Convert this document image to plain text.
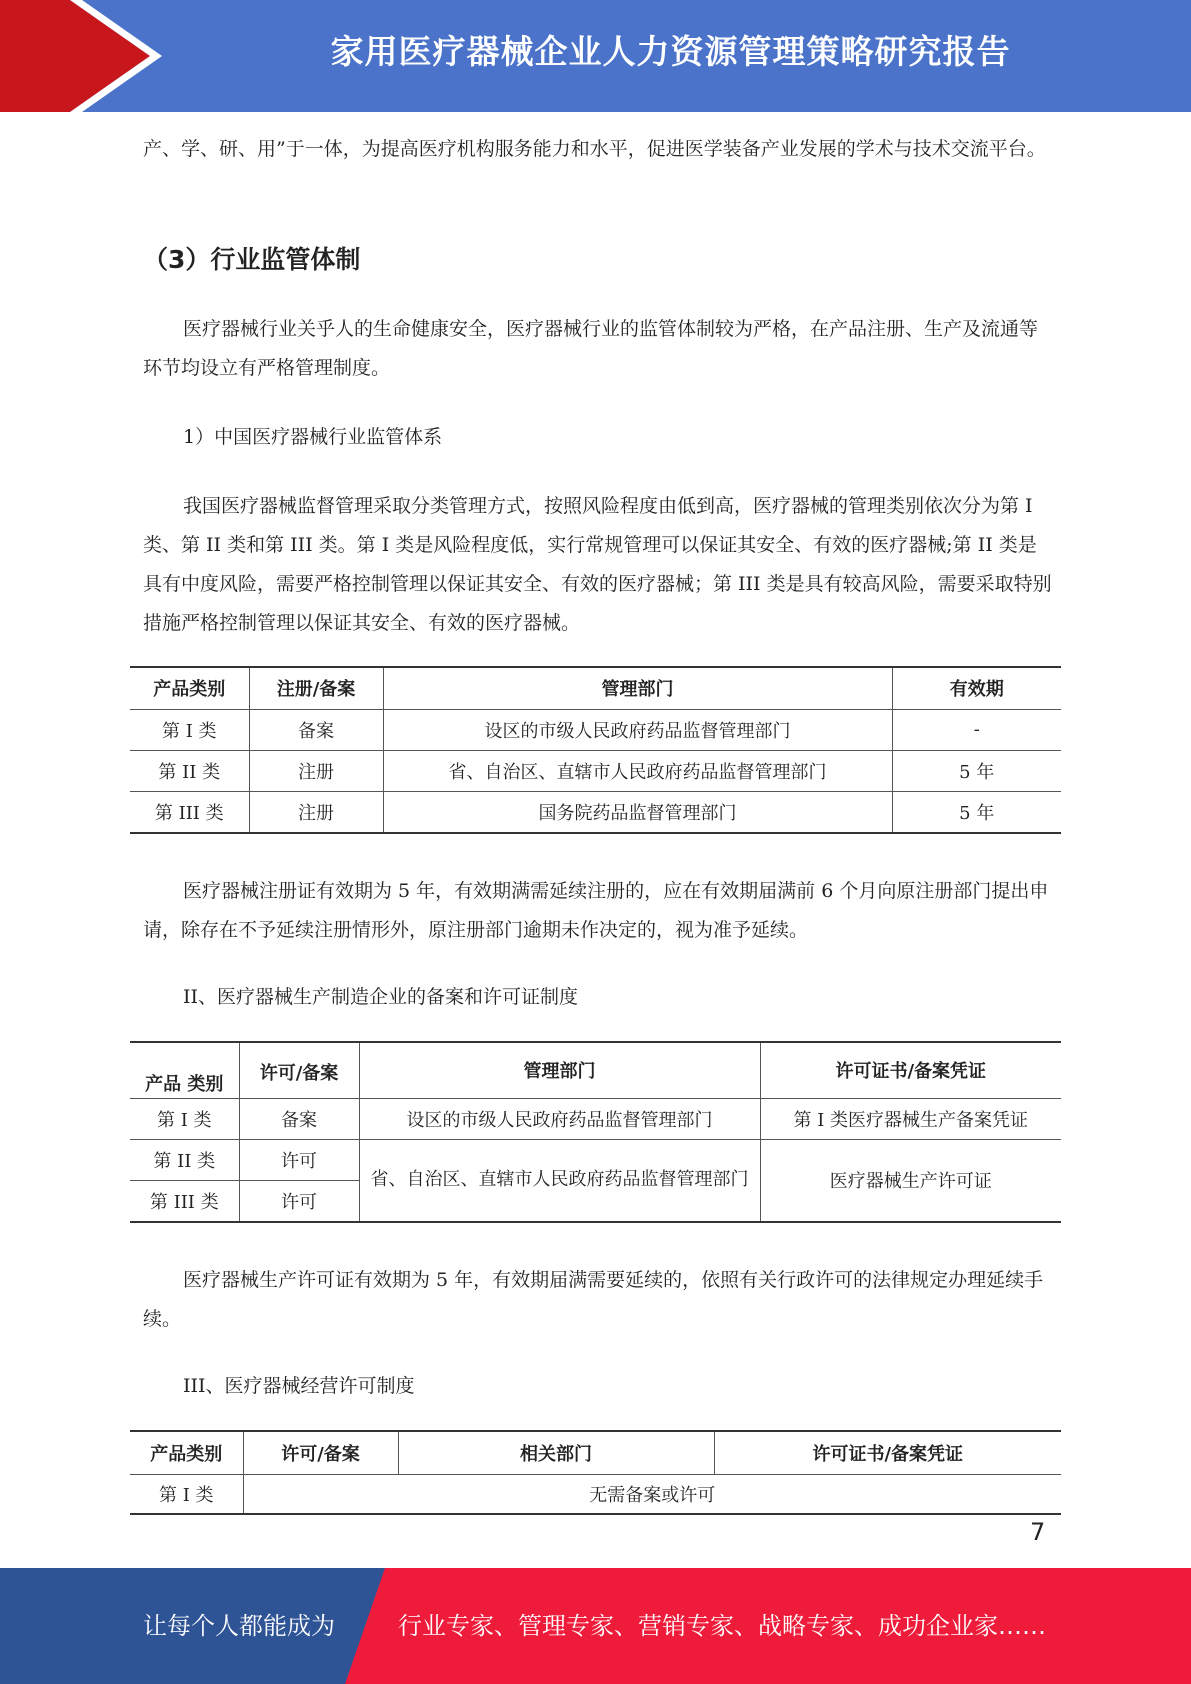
家用医疗器械企业人力资源管理策略研究报告

产、学、研、用”于一体，为提高医疗机构服务能力和水平，促进医学装备产业发展的学术与技术交流平台。

（3）行业监管体制

医疗器械行业关乎人的生命健康安全，医疗器械行业的监管体制较为严格，在产品注册、生产及流通等环节均设立有严格管理制度。

1）中国医疗器械行业监管体系

我国医疗器械监督管理采取分类管理方式，按照风险程度由低到高，医疗器械的管理类别依次分为第 I 类、第 II 类和第 III 类。第 I 类是风险程度低，实行常规管理可以保证其安全、有效的医疗器械;第 II 类是具有中度风险，需要严格控制管理以保证其安全、有效的医疗器械；第 III 类是具有较高风险，需要采取特别措施严格控制管理以保证其安全、有效的医疗器械。

产品类别	注册/备案	管理部门	有效期
第 I 类	备案	设区的市级人民政府药品监督管理部门	-
第 II 类	注册	省、自治区、直辖市人民政府药品监督管理部门	5 年
第 III 类	注册	国务院药品监督管理部门	5 年

医疗器械注册证有效期为 5 年，有效期满需延续注册的，应在有效期届满前 6 个月向原注册部门提出申请，除存在不予延续注册情形外，原注册部门逾期未作决定的，视为准予延续。

II、医疗器械生产制造企业的备案和许可证制度

产品 类别	许可/备案	管理部门	许可证书/备案凭证
第 I 类	备案	设区的市级人民政府药品监督管理部门	第 I 类医疗器械生产备案凭证
第 II 类	许可	省、自治区、直辖市人民政府药品监督管理部门	医疗器械生产许可证
第 III 类	许可		

医疗器械生产许可证有效期为 5 年，有效期届满需要延续的，依照有关行政许可的法律规定办理延续手续。

III、医疗器械经营许可制度

产品类别	许可/备案	相关部门	许可证书/备案凭证
第 I 类	无需备案或许可		
7
让每个人都能成为	行业专家、管理专家、营销专家、战略专家、成功企业家……
